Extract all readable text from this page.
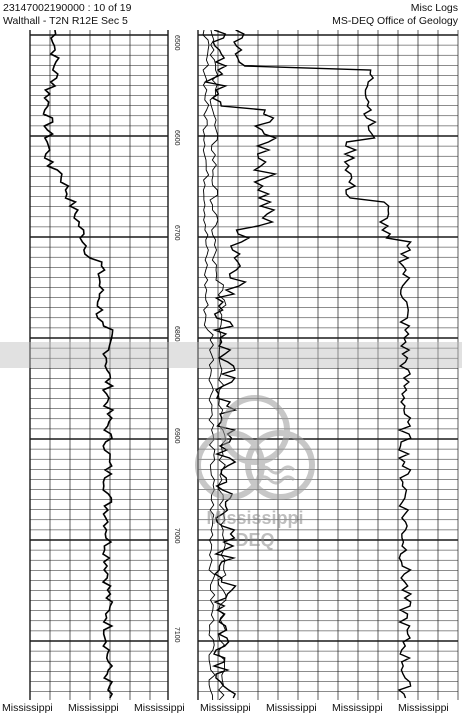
23147002190000 : 10 of 19
Walthall - T2N R12E Sec 5
Misc Logs
MS-DEQ Office of Geology
6500
6600
6700
6800
6900
7000
7100
Mississippi
DEQ
Mississippi	Mississippi	Mississippi	Mississippi	Mississippi	Mississippi	Mississippi
